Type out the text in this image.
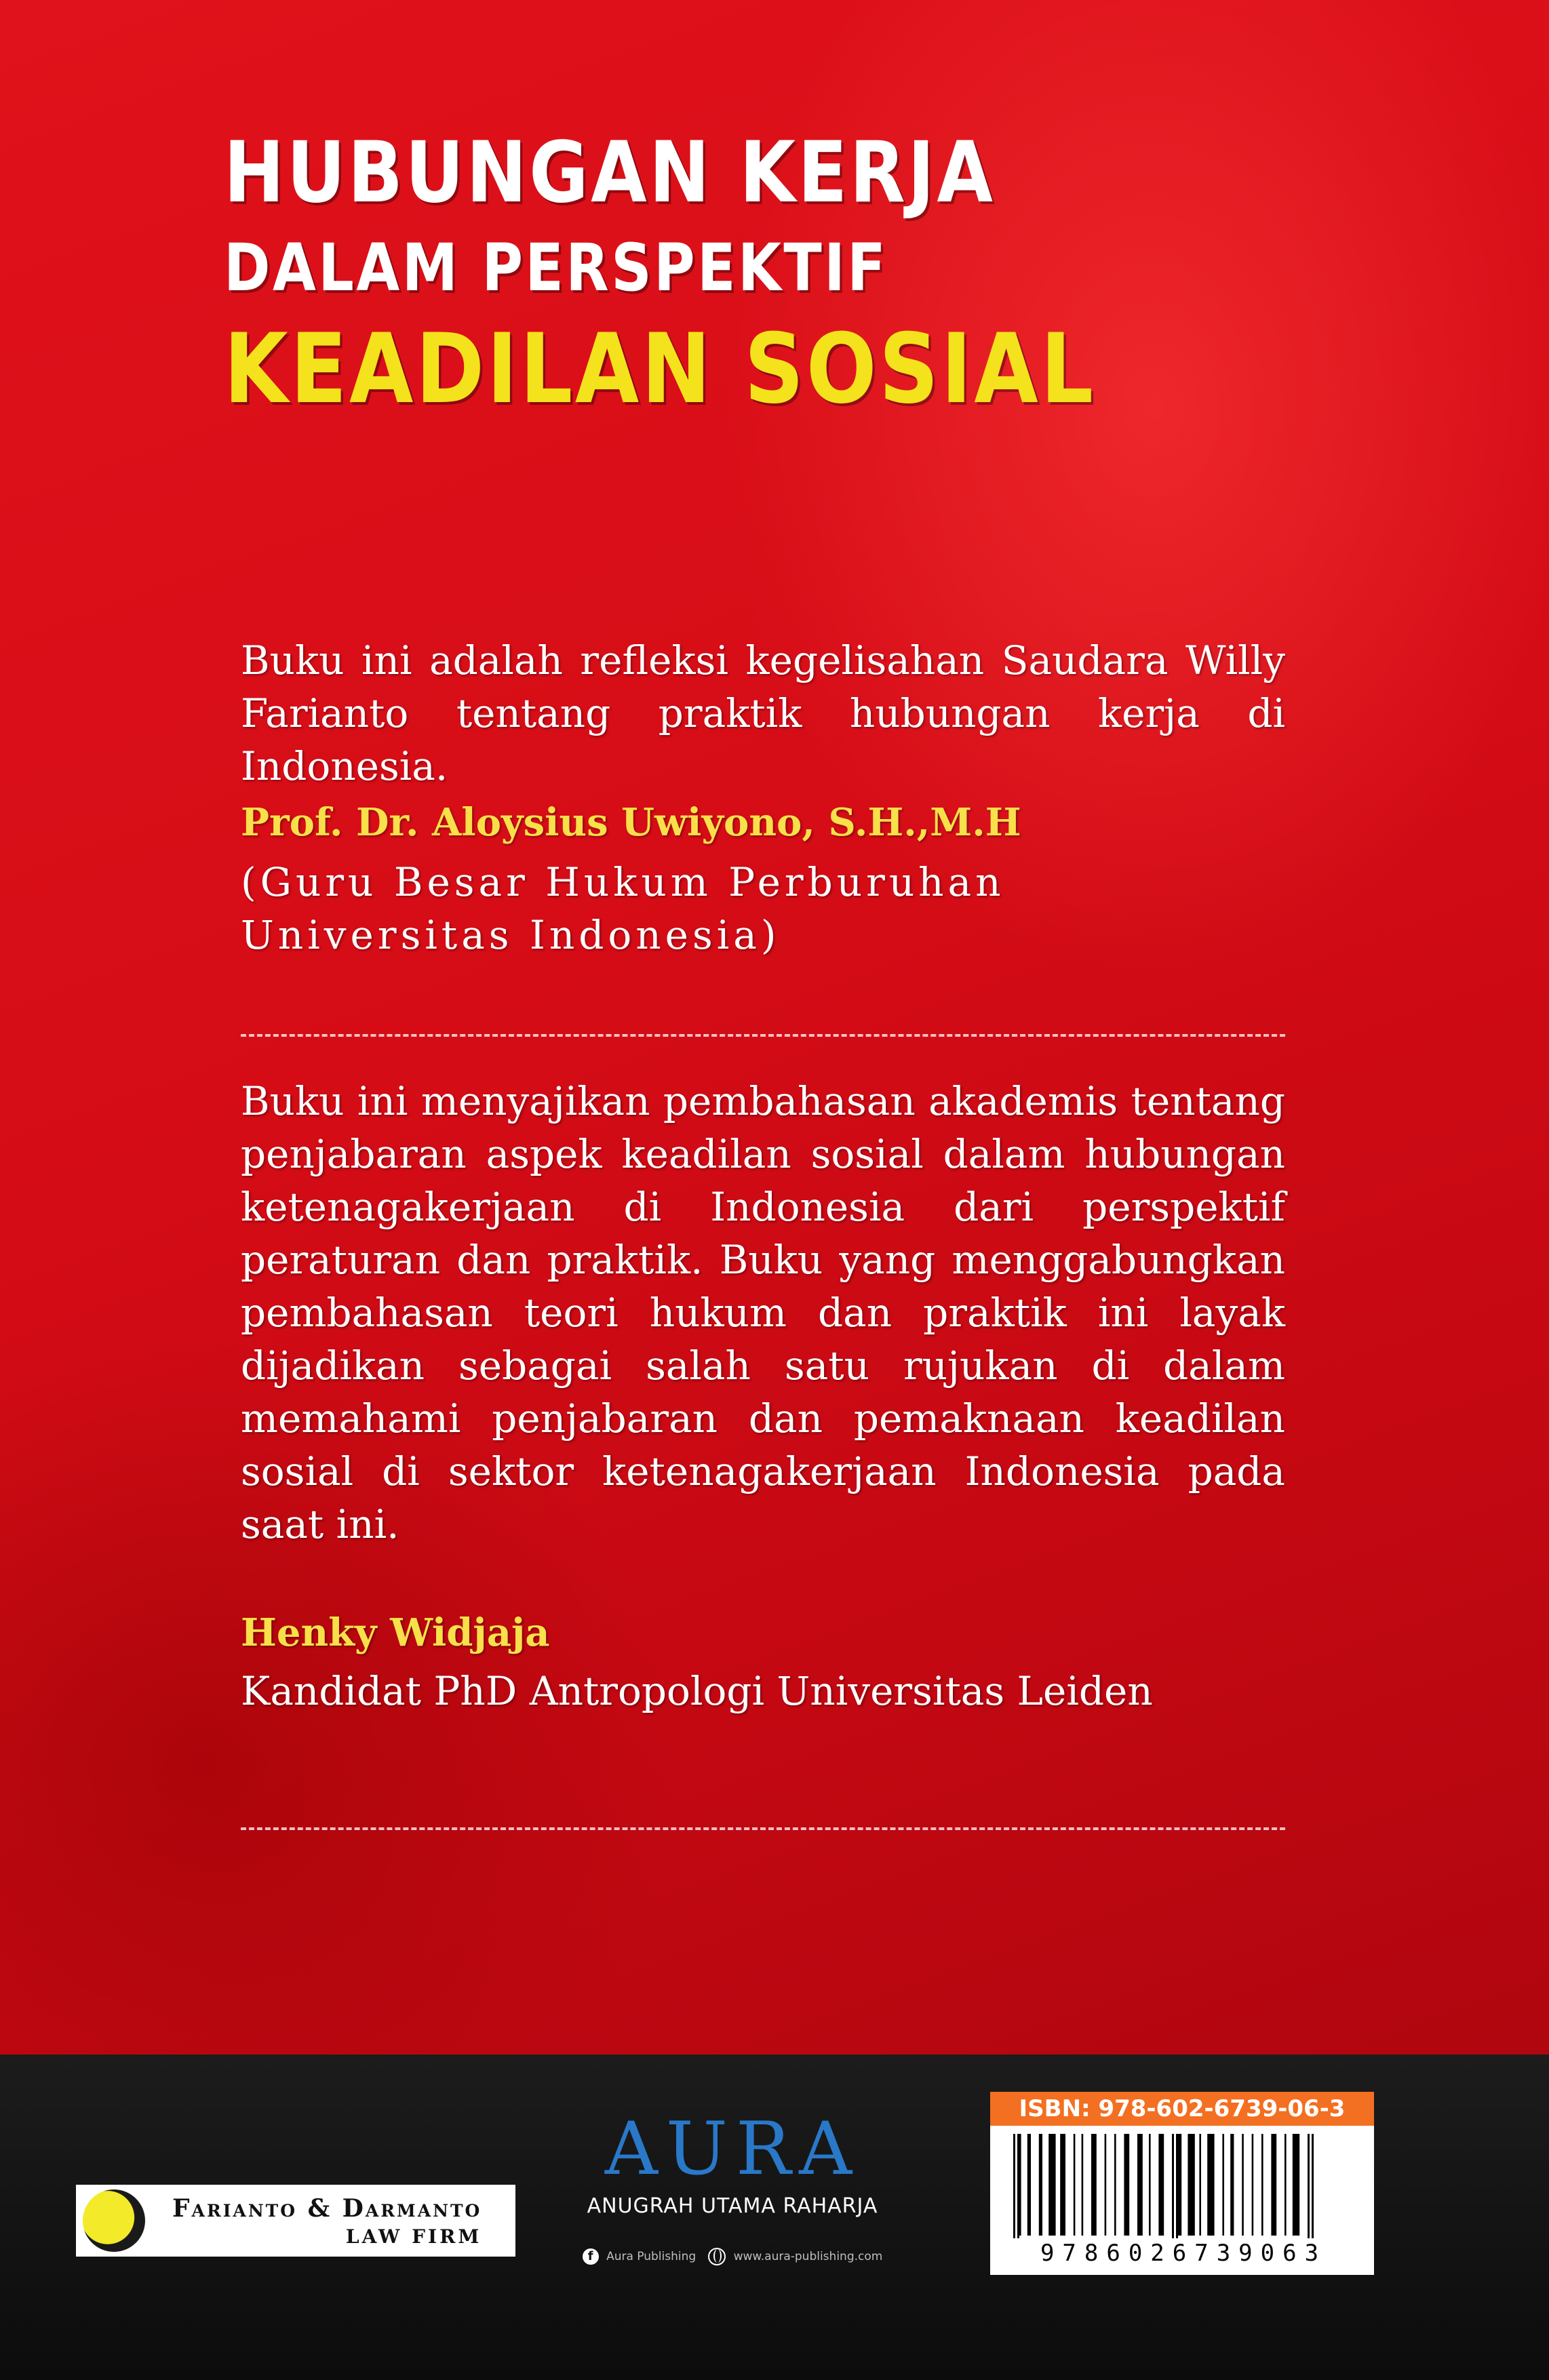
HUBUNGAN KERJA
DALAM PERSPEKTIF
KEADILAN SOSIAL
Buku ini adalah refleksi kegelisahan Saudara Willy Farianto tentang praktik hubungan kerja di Indonesia.
Prof. Dr. Aloysius Uwiyono, S.H.,M.H
(Guru Besar Hukum Perburuhan Universitas Indonesia)
Buku ini menyajikan pembahasan akademis tentang penjabaran aspek keadilan sosial dalam hubungan ketenagakerjaan di Indonesia dari perspektif peraturan dan praktik. Buku yang menggabungkan pembahasan teori hukum dan praktik ini layak dijadikan sebagai salah satu rujukan di dalam memahami penjabaran dan pemaknaan keadilan sosial di sektor ketenagakerjaan Indonesia pada saat ini.
Henky Widjaja
Kandidat PhD Antropologi Universitas Leiden
Farianto & Darmanto
LAW FIRM
AURA
ANUGRAH UTAMA RAHARJA
f Aura Publishing	www.aura-publishing.com
ISBN: 978-602-6739-06-3
9786026739063
